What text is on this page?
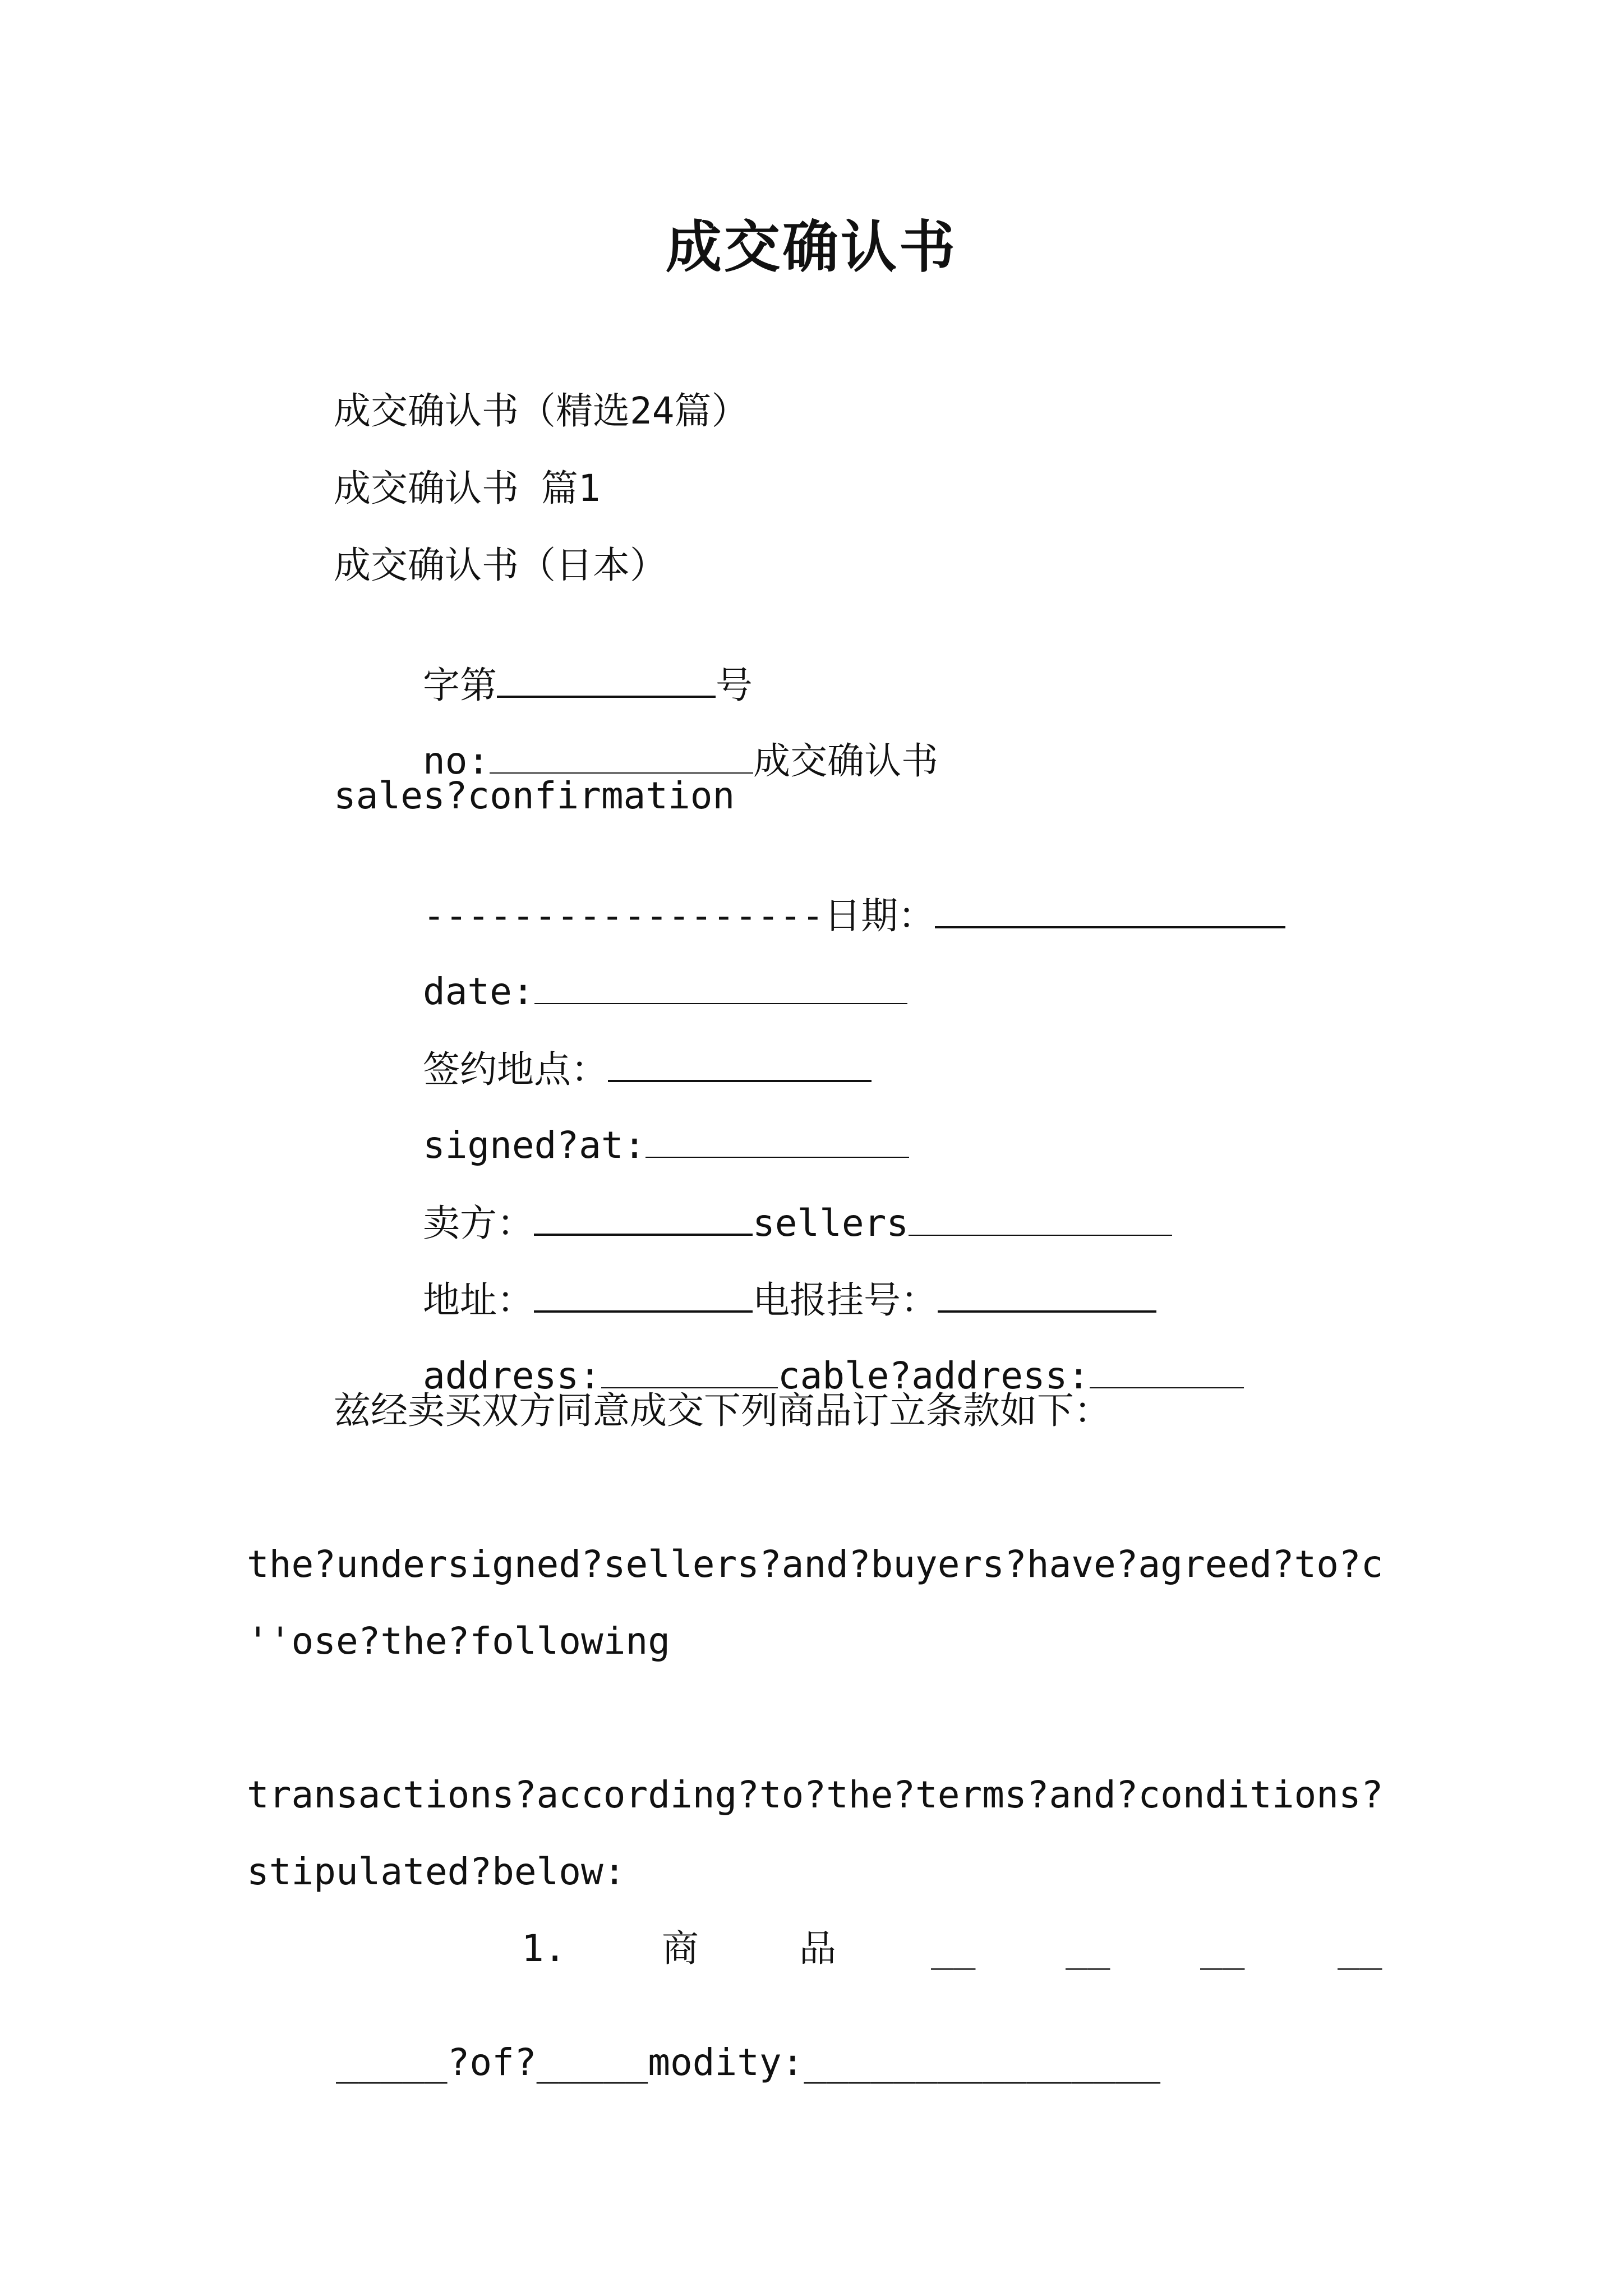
成交确认书
成交确认书（精选24篇）
成交确认书 篇1
成交确认书（日本）

字第	号

no:	成交确认书

sales?confirmation

------------------日期：

date:

签约地点：

signed?at:

卖方：	sellers

地址：	电报挂号：

address:	cable?address:

兹经卖买双方同意成交下列商品订立条款如下：
the?undersigned?sellers?and?buyers?have?agreed?to?c
''ose?the?following
transactions?according?to?the?terms?and?conditions?
stipulated?below:
1.	商	品	__ __ __	__

_____?of?_____modity:________________
